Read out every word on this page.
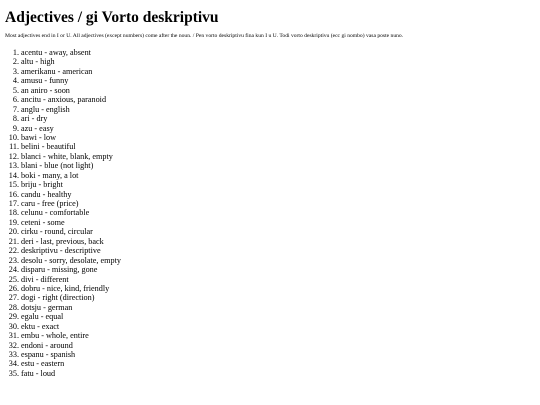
Adjectives / gi Vorto deskriptivu

Most adjectives end in I or U. All adjectives (except numbers) come after the noun. / Pen vorto deskriptivu fina kun I u U. Todi vorto deskriptivu (ecc gi nombo) vasa poste nuno.

1. acentu - away, absent
2. altu - high
3. amerikanu - american
4. amusu - funny
5. an aniro - soon
6. ancitu - anxious, paranoid
7. anglu - english
8. ari - dry
9. azu - easy
10. bawi - low
11. belini - beautiful
12. blanci - white, blank, empty
13. blani - blue (not light)
14. boki - many, a lot
15. briju - bright
16. candu - healthy
17. caru - free (price)
18. celunu - comfortable
19. ceteni - some
20. cirku - round, circular
21. deri - last, previous, back
22. deskriptivu - descriptive
23. desolu - sorry, desolate, empty
24. disparu - missing, gone
25. divi - different
26. dobru - nice, kind, friendly
27. dogi - right (direction)
28. dotsju - german
29. egalu - equal
30. ektu - exact
31. embu - whole, entire
32. endoni - around
33. espanu - spanish
34. estu - eastern
35. fatu - loud
